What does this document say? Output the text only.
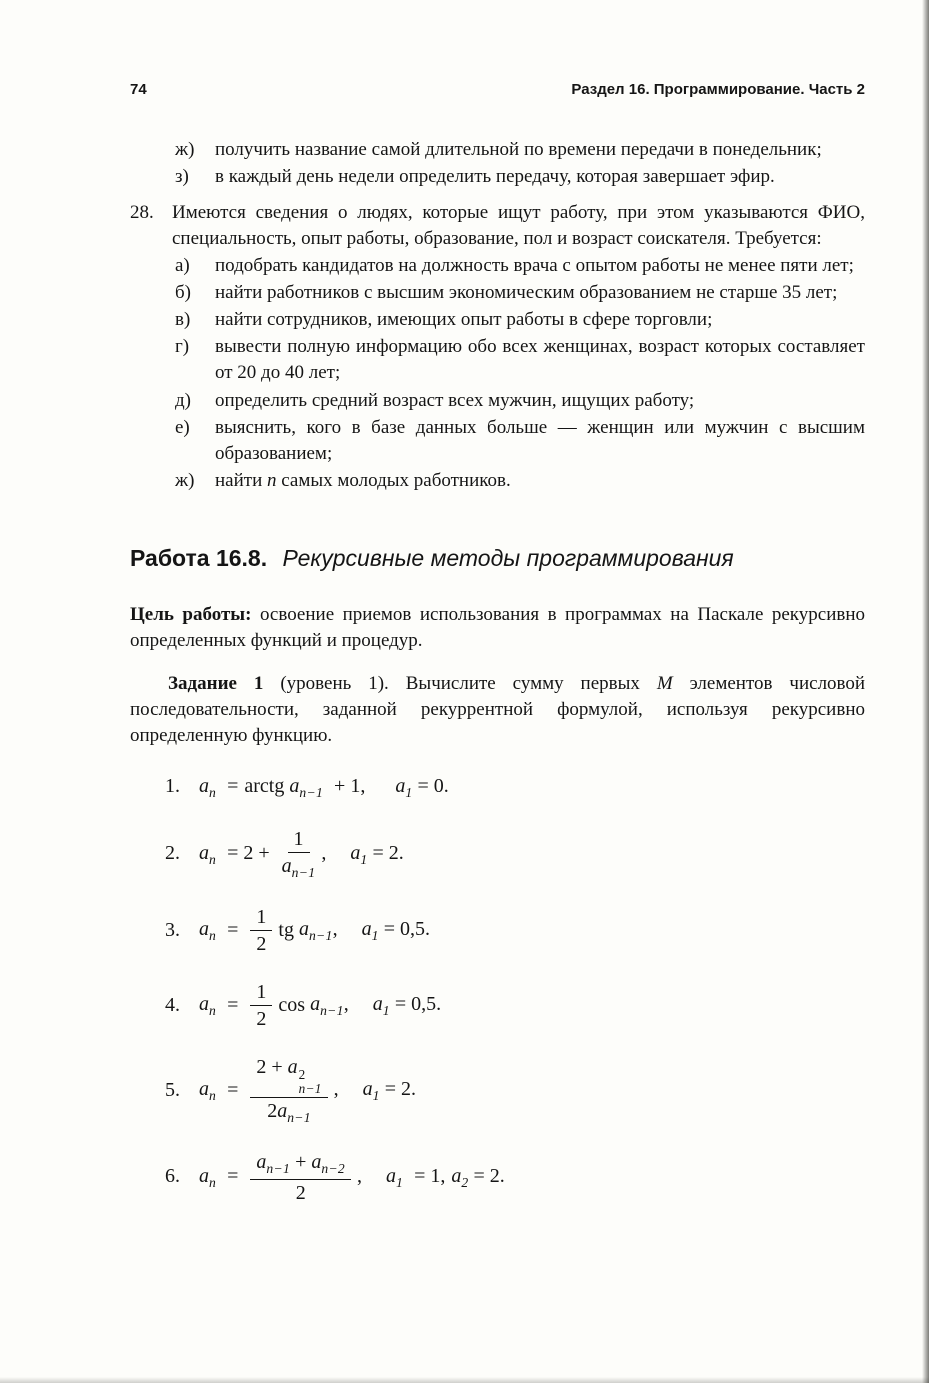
74	Раздел 16. Программирование. Часть 2
ж)	получить название самой длительной по времени передачи в понедельник;
з)	в каждый день недели определить передачу, которая завершает эфир.
28. Имеются сведения о людях, которые ищут работу, при этом указываются ФИО, специальность, опыт работы, образование, пол и возраст соискателя. Требуется:
а)	подобрать кандидатов на должность врача с опытом работы не менее пяти лет;
б)	найти работников с высшим экономическим образованием не старше 35 лет;
в)	найти сотрудников, имеющих опыт работы в сфере торговли;
г)	вывести полную информацию обо всех женщинах, возраст которых составляет от 20 до 40 лет;
д)	определить средний возраст всех мужчин, ищущих работу;
е)	выяснить, кого в базе данных больше — женщин или мужчин с высшим образованием;
ж)	найти n самых молодых работников.
Работа 16.8. Рекурсивные методы программирования

Цель работы: освоение приемов использования в программах на Паскале рекурсивно определенных функций и процедур.

Задание 1 (уровень 1). Вычислите сумму первых M элементов числовой последовательности, заданной рекуррентной формулой, используя рекурсивно определенную функцию.

1. $a_n$ = arctg $a_{n-1} + 1$, $a_1 = 0$.
2. $a_n = 2 + \frac{1}{a_{n-1}}$ , $a_1 = 2$.
3. $a_n = \frac{1}{2}$ tg $a_{n-1}$, $a_1 = 0,5$.
4. $a_n = \frac{1}{2}$ $\cos a_{n-1}$, $a_1 = 0,5$.
5. $a_n = 2 + a$ 2
n−1
$2a_{n-1}$ , $a_1 = 2$.
6. $a_n = \frac{a_{n-1} + a_{n-2}}{2}$ , $a_1 = 1$, $a_2 = 2$.
